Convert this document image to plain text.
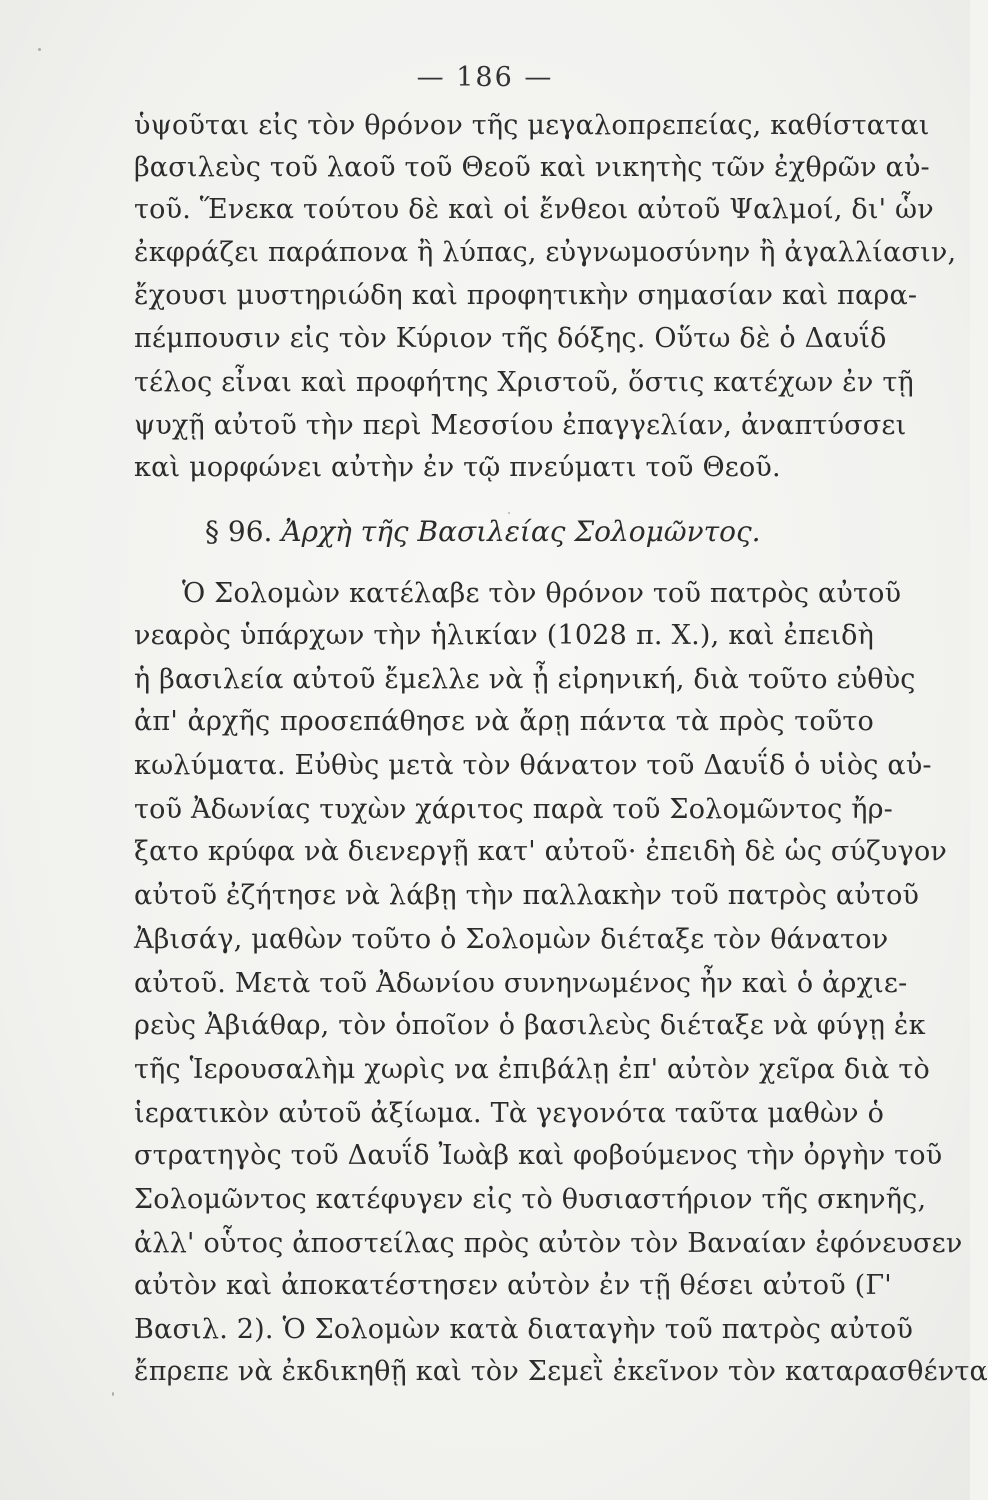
— 186 —
ὑψοῦται εἰς τὸν θρόνον τῆς μεγαλοπρεπείας, καθίσταται
βασιλεὺς τοῦ λαοῦ τοῦ Θεοῦ καὶ νικητὴς τῶν ἐχθρῶν αὐ-
τοῦ. Ἕνεκα τούτου δὲ καὶ οἱ ἔνθεοι αὐτοῦ Ψαλμοί, δι' ὧν
ἐκφράζει παράπονα ἢ λύπας, εὐγνωμοσύνην ἢ ἀγαλλίασιν,
ἔχουσι μυστηριώδη καὶ προφητικὴν σημασίαν καὶ παρα-
πέμπουσιν εἰς τὸν Κύριον τῆς δόξης. Οὕτω δὲ ὁ Δαυΐδ
τέλος εἶναι καὶ προφήτης Χριστοῦ, ὅστις κατέχων ἐν τῇ
ψυχῇ αὐτοῦ τὴν περὶ Μεσσίου ἐπαγγελίαν, ἀναπτύσσει
καὶ μορφώνει αὐτὴν ἐν τῷ πνεύματι τοῦ Θεοῦ.
§ 96. Ἀρχὴ τῆς Βασιλείας Σολομῶντος.
Ὁ Σολομὼν κατέλαβε τὸν θρόνον τοῦ πατρὸς αὐτοῦ
νεαρὸς ὑπάρχων τὴν ἡλικίαν (1028 π. Χ.), καὶ ἐπειδὴ
ἡ βασιλεία αὐτοῦ ἔμελλε νὰ ᾖ εἰρηνική, διὰ τοῦτο εὐθὺς
ἀπ' ἀρχῆς προσεπάθησε νὰ ἄρῃ πάντα τὰ πρὸς τοῦτο
κωλύματα. Εὐθὺς μετὰ τὸν θάνατον τοῦ Δαυΐδ ὁ υἱὸς αὐ-
τοῦ Ἀδωνίας τυχὼν χάριτος παρὰ τοῦ Σολομῶντος ἤρ-
ξατο κρύφα νὰ διενεργῇ κατ' αὐτοῦ· ἐπειδὴ δὲ ὡς σύζυγον
αὐτοῦ ἐζήτησε νὰ λάβῃ τὴν παλλακὴν τοῦ πατρὸς αὐτοῦ
Ἀβισάγ, μαθὼν τοῦτο ὁ Σολομὼν διέταξε τὸν θάνατον
αὐτοῦ. Μετὰ τοῦ Ἀδωνίου συνηνωμένος ἦν καὶ ὁ ἀρχιε-
ρεὺς Ἀβιάθαρ, τὸν ὁποῖον ὁ βασιλεὺς διέταξε νὰ φύγῃ ἐκ
τῆς Ἱερουσαλὴμ χωρὶς να ἐπιβάλῃ ἐπ' αὐτὸν χεῖρα διὰ τὸ
ἱερατικὸν αὐτοῦ ἀξίωμα. Τὰ γεγονότα ταῦτα μαθὼν ὁ
στρατηγὸς τοῦ Δαυΐδ Ἰωὰβ καὶ φοβούμενος τὴν ὀργὴν τοῦ
Σολομῶντος κατέφυγεν εἰς τὸ θυσιαστήριον τῆς σκηνῆς,
ἀλλ' οὗτος ἀποστείλας πρὸς αὐτὸν τὸν Βαναίαν ἐφόνευσεν
αὐτὸν καὶ ἀποκατέστησεν αὐτὸν ἐν τῇ θέσει αὐτοῦ (Γ'
Βασιλ. 2). Ὁ Σολομὼν κατὰ διαταγὴν τοῦ πατρὸς αὐτοῦ
ἔπρεπε νὰ ἐκδικηθῇ καὶ τὸν Σεμεῒ ἐκεῖνον τὸν καταρασθέντα
